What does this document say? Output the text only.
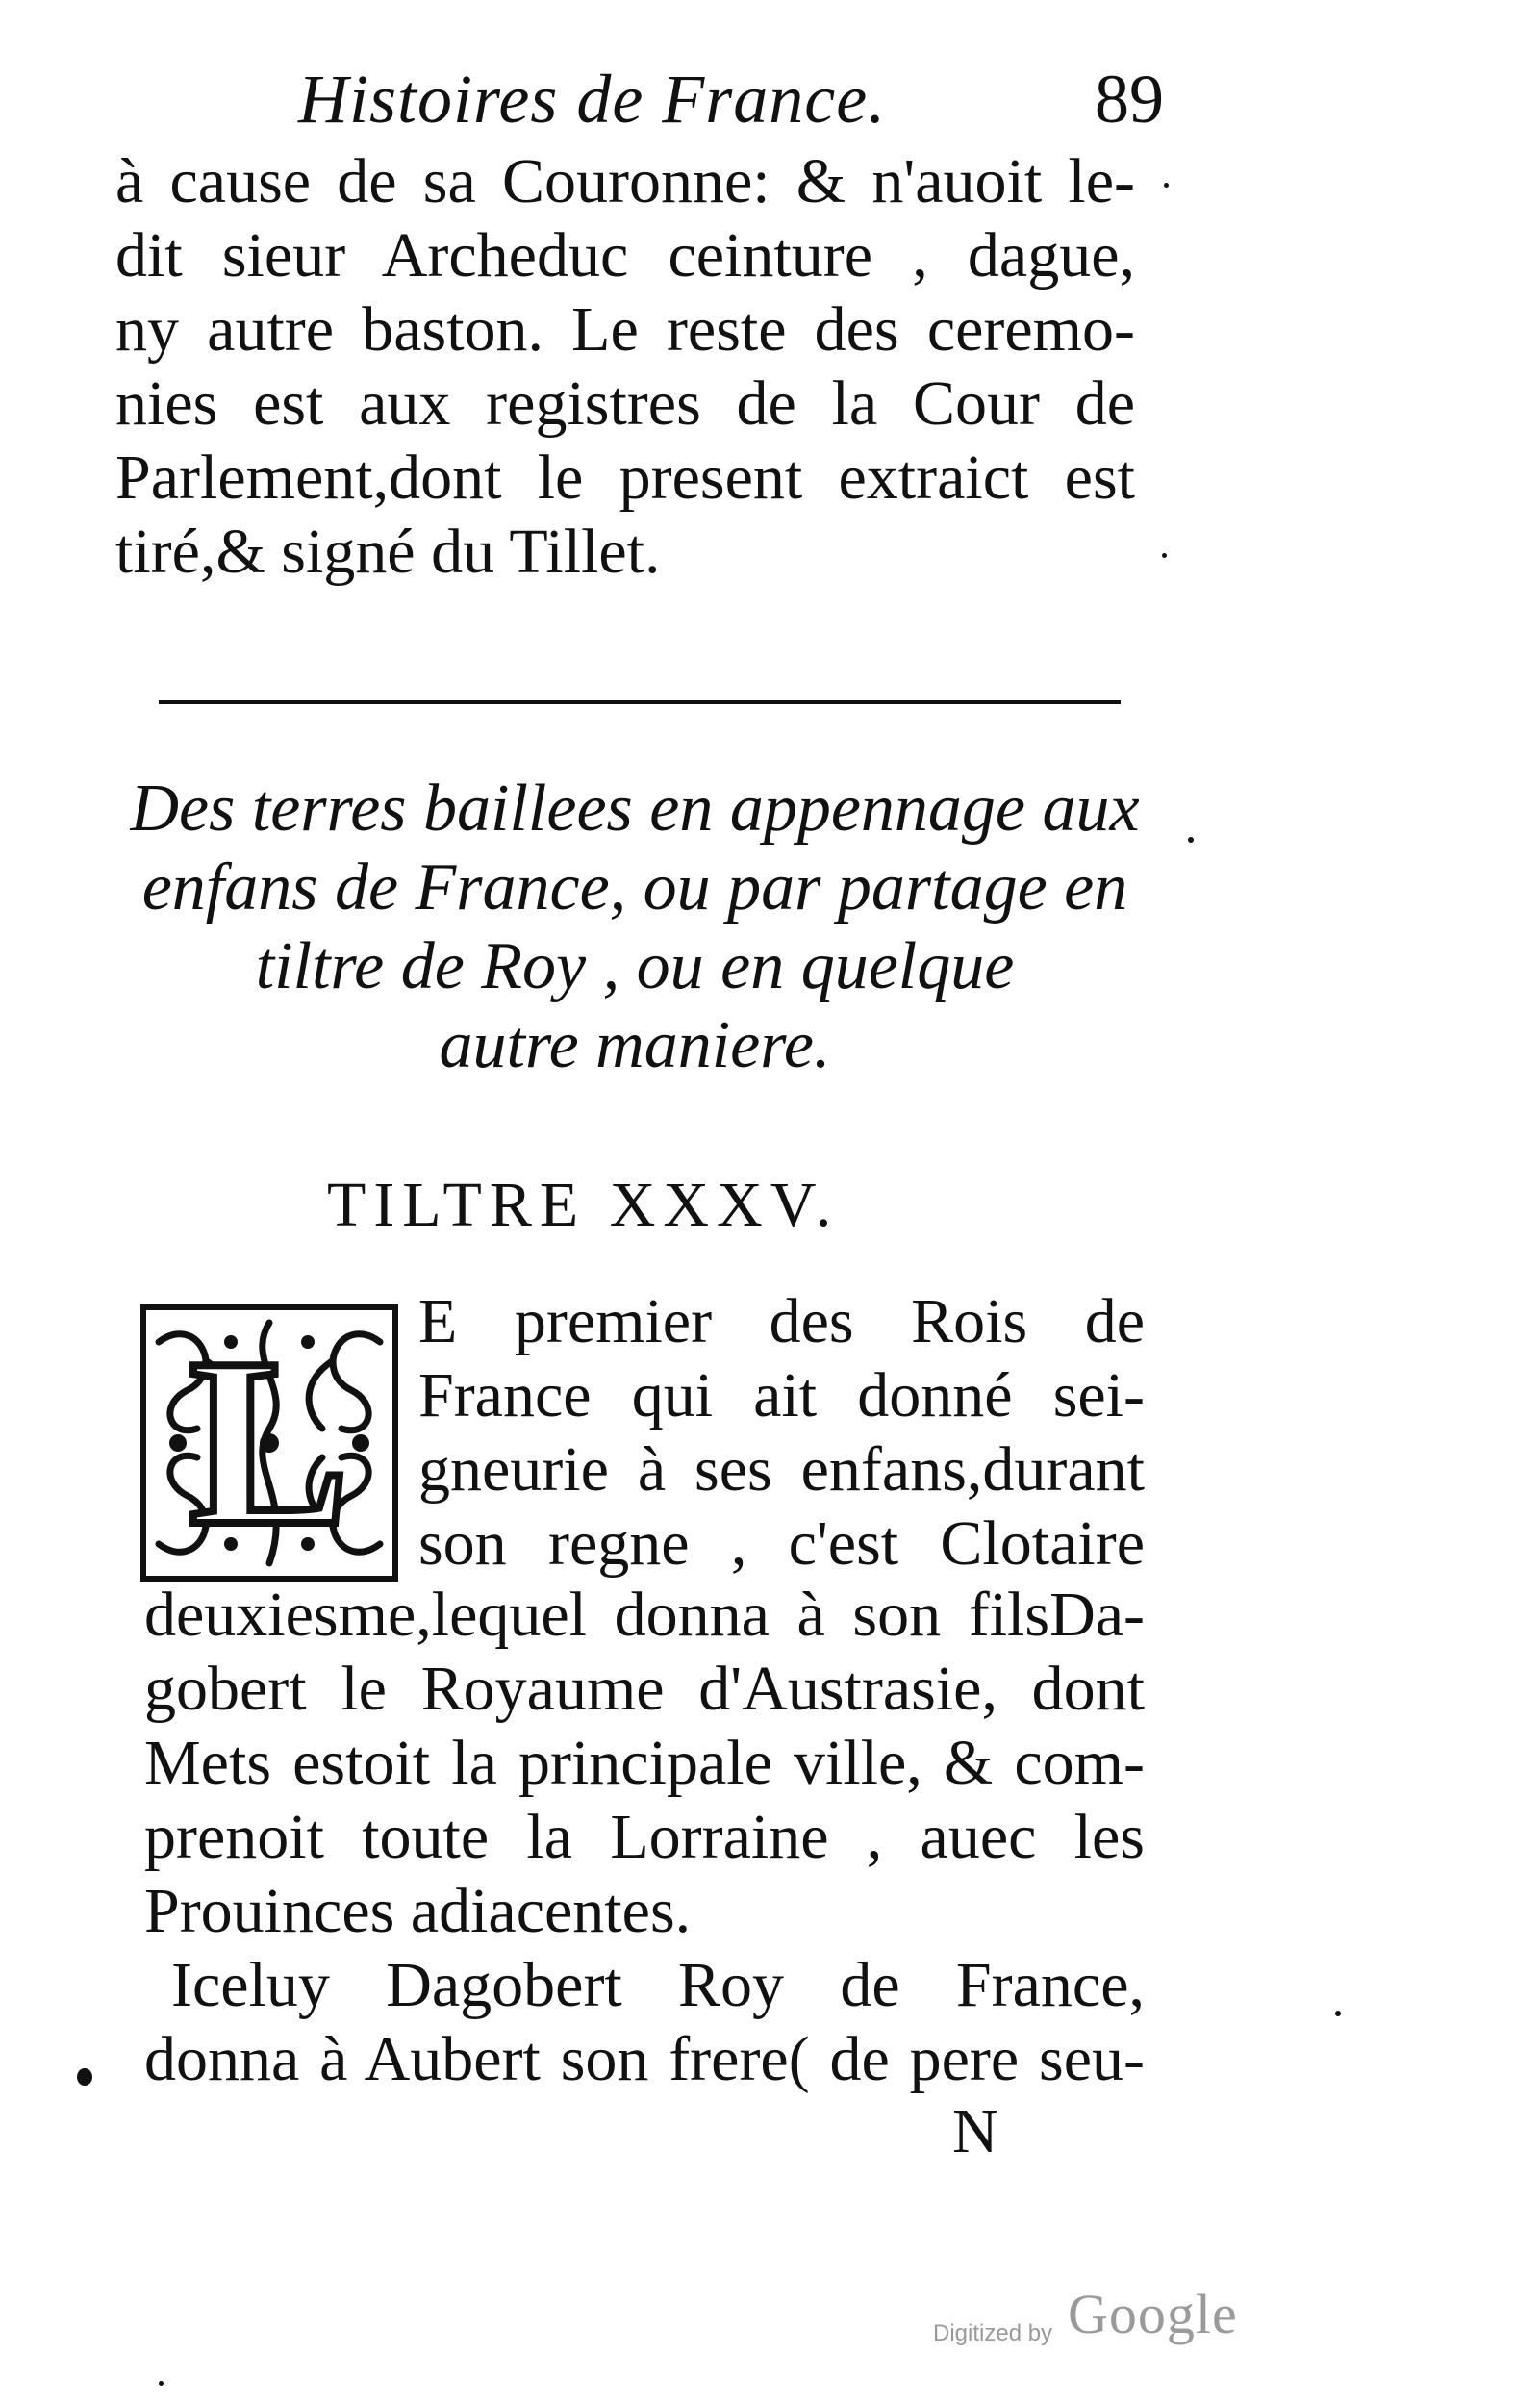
Histoires de France.	89
à cause de sa Couronne: & n'auoit le-
dit sieur Archeduc ceinture , dague,
ny autre baston. Le reste des ceremo-
nies est aux registres de la Cour de
Parlement,dont le present extraict est
tiré,& signé du Tillet.
Des terres baillees en appennage aux
enfans de France, ou par partage en
tiltre de Roy , ou en quelque
autre maniere.
TILTRE XXXV.
L	E premier des Rois de
France qui ait donné sei-
gneurie à ses enfans,durant
son regne , c'est Clotaire
deuxiesme,lequel donna à son filsDa-
gobert le Royaume d'Austrasie, dont
Mets estoit la principale ville, & com-
prenoit toute la Lorraine , auec les
Prouinces adiacentes.
Iceluy Dagobert Roy de France,
donna à Aubert son frere( de pere seu-
N
Digitized by Google
